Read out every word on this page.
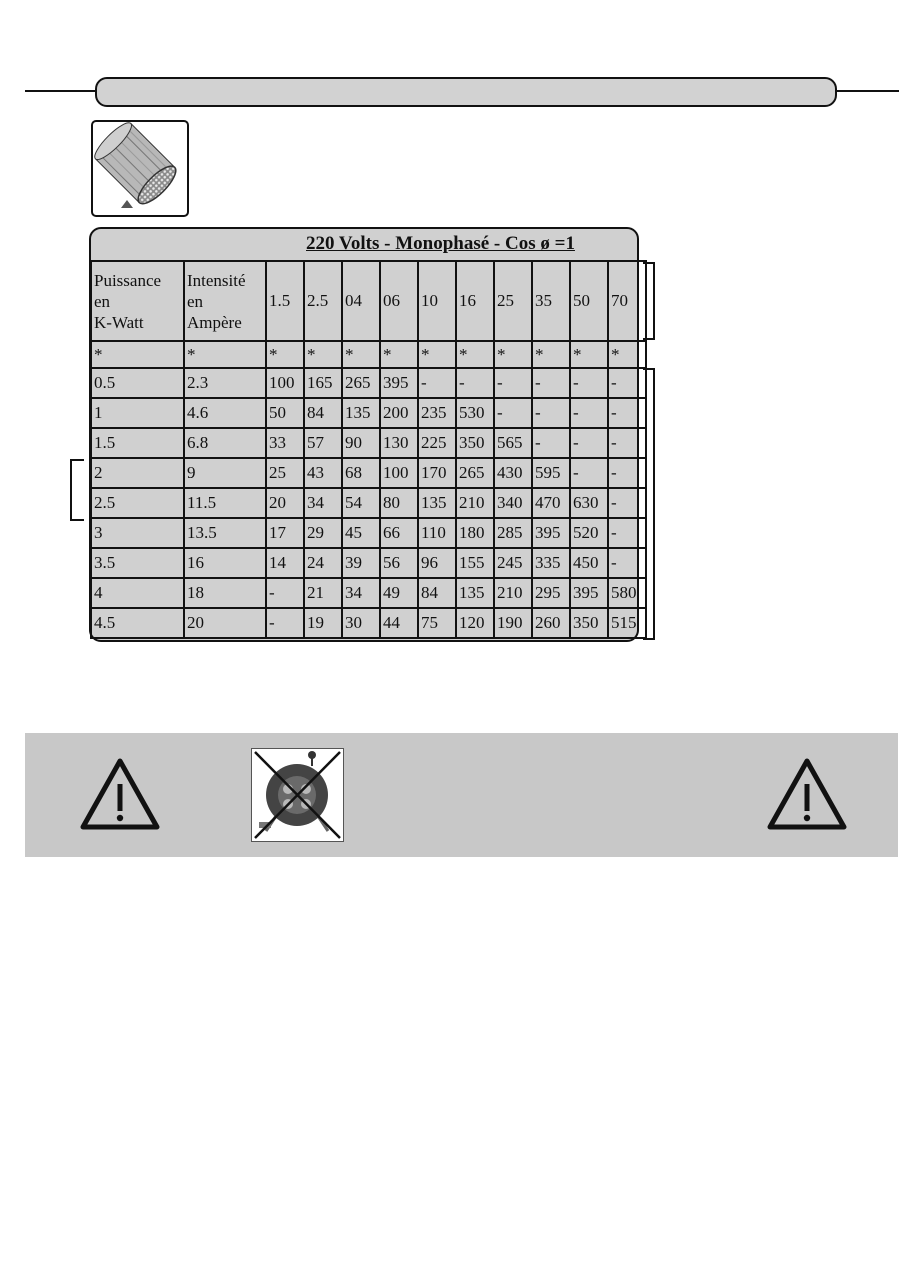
220 Volts - Monophasé - Cos ø =1
Puissance
en
K-Watt	Intensité
en
Ampère	1.5	2.5	04	06	10	16	25	35	50	70
*	*	*	*	*	*	*	*	*	*	*	*
0.5	2.3	100	165	265	395	-	-	-	-	-	-
1	4.6	50	84	135	200	235	530	-	-	-	-
1.5	6.8	33	57	90	130	225	350	565	-	-	-
2	9	25	43	68	100	170	265	430	595	-	-
2.5	11.5	20	34	54	80	135	210	340	470	630	-
3	13.5	17	29	45	66	110	180	285	395	520	-
3.5	16	14	24	39	56	96	155	245	335	450	-
4	18	-	21	34	49	84	135	210	295	395	580
4.5	20	-	19	30	44	75	120	190	260	350	515
